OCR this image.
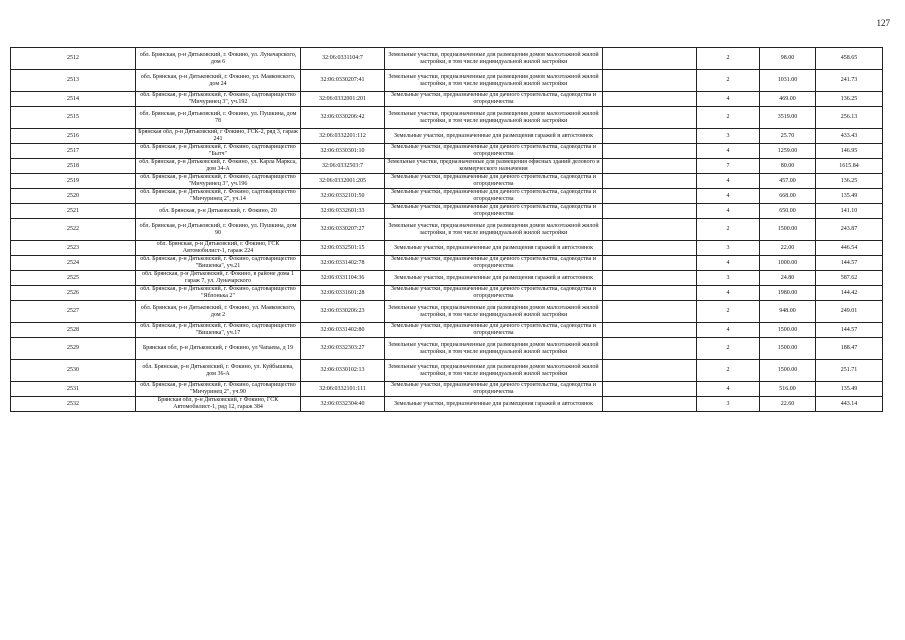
127
2512	обл. Брянская, р-н Дятьковский, г. Фокино, ул. Луначарского, дом 6	32:06:0331104:7	Земельные участки, предназначенные для размещения домов малоэтажной жилой застройки, в том числе индивидуальной жилой застройки		2	98.00	458.65	
2513	обл. Брянская, р-н Дятьковский, г. Фокино, ул. Маяковского, дом 24	32:06:0330207:41	Земельные участки, предназначенные для размещения домов малоэтажной жилой застройки, в том числе индивидуальной жилой застройки		2	1031.00	241.73	
2514	обл. Брянская, р-н Дятьковский, г. Фокино, садтоварищество "Мичуринец 3", уч.192	32:06:0332001:201	Земельные участки, предназначенные для дачного строительства, садоводства и огородничества		4	469.00	136.25	
2515	обл. Брянская, р-н Дятьковский, г. Фокино, ул. Пушкина, дом 78	32:06:0330206:42	Земельные участки, предназначенные для размещения домов малоэтажной жилой застройки, в том числе индивидуальной жилой застройки		2	3519.00	256.13	
2516	Брянская обл, р-н Дятьковский, г Фокино, ГСК-2, ряд 3, гараж 241	32:06:0332201:112	Земельные участки, предназначенные для размещения гаражей и автостоянок		3	25.70	433.43	
2517	обл. Брянская, р-н Дятьковский, г. Фокино, садтоварищество "Бытч"	32:06:0330301:10	Земельные участки, предназначенные для дачного строительства, садоводства и огородничества		4	1259.00	146.95	
2518	обл. Брянская, р-н Дятьковский, г. Фокино, ул. Карла Маркса, дом 34-А	32:06:0332503:7	Земельные участки, предназначенные для размещения офисных зданий делового и коммерческого назначения		7	80.00	1615.84	
2519	обл. Брянская, р-н Дятьковский, г. Фокино, садтоварищество "Мичуринец 3", уч.196	32:06:0332001:205	Земельные участки, предназначенные для дачного строительства, садоводства и огородничества		4	457.00	136.25	
2520	обл. Брянская, р-н Дятьковский, г. Фокино, садтоварищество "Мичуринец 2", уч.14	32:06:0332101:50	Земельные участки, предназначенные для дачного строительства, садоводства и огородничества		4	668.00	135.49	
2521	обл. Брянская, р-н Дятьковский, г. Фокино, 20	32:06:0332601:33	Земельные участки, предназначенные для дачного строительства, садоводства и огородничества		4	650.00	141.10	
2522	обл. Брянская, р-н Дятьковский, г. Фокино, ул. Пушкина, дом 90	32:06:0330207:27	Земельные участки, предназначенные для размещения домов малоэтажной жилой застройки, в том числе индивидуальной жилой застройки		2	1500.00	243.87	
2523	обл. Брянская, р-н Дятьковский, г. Фокино, ГСК Автомобилист-1, гараж 224	32:06:0332501:15	Земельные участки, предназначенные для размещения гаражей и автостоянок		3	22.00	446.54	
2524	обл. Брянская, р-н Дятьковский, г. Фокино, садтоварищество "Вишенка", уч.21	32:06:0331402:78	Земельные участки, предназначенные для дачного строительства, садоводства и огородничества		4	1000.00	144.57	
2525	обл. Брянская, р-н Дятьковский, г. Фокино, в районе дома 1 гараж 7, ул. Луначарского	32:06:0331104:36	Земельные участки, предназначенные для размещения гаражей и автостоянок		3	24.80	587.62	
2526	обл. Брянская, р-н Дятьковский, г. Фокино, садтоварищество "Яблонька 2"	32:06:0331601:28	Земельные участки, предназначенные для дачного строительства, садоводства и огородничества		4	1980.00	144.42	
2527	обл. Брянская, р-н Дятьковский, г. Фокино, ул. Маяковского, дом 2	32:06:0330206:23	Земельные участки, предназначенные для размещения домов малоэтажной жилой застройки, в том числе индивидуальной жилой застройки		2	948.00	249.01	
2528	обл. Брянская, р-н Дятьковский, г. Фокино, садтоварищество "Вишенка", уч.17	32:06:0331402:80	Земельные участки, предназначенные для дачного строительства, садоводства и огородничества		4	1500.00	144.57	
2529	Брянская обл, р-н Дятьковский, г Фокино, ул Чапаева, д 19	32:06:0332303:27	Земельные участки, предназначенные для размещения домов малоэтажной жилой застройки, в том числе индивидуальной жилой застройки		2	1500.00	188.47	
2530	обл. Брянская, р-н Дятьковский, г. Фокино, ул. Куйбышева, дом 36-А	32:06:0330102:13	Земельные участки, предназначенные для размещения домов малоэтажной жилой застройки, в том числе индивидуальной жилой застройки		2	1500.00	251.71	
2531	обл. Брянская, р-н Дятьковский, г. Фокино, садтоварищество "Мичуринец 2", уч.90	32:06:0332101:111	Земельные участки, предназначенные для дачного строительства, садоводства и огородничества		4	516.00	135.49	
2532	Брянская обл, р-н Дятьковский, г Фокино, ГСК Автомобилист-1, ряд 12, гараж 384	32:06:0332304:40	Земельные участки, предназначенные для размещения гаражей и автостоянок		3	22.60	443.14	
